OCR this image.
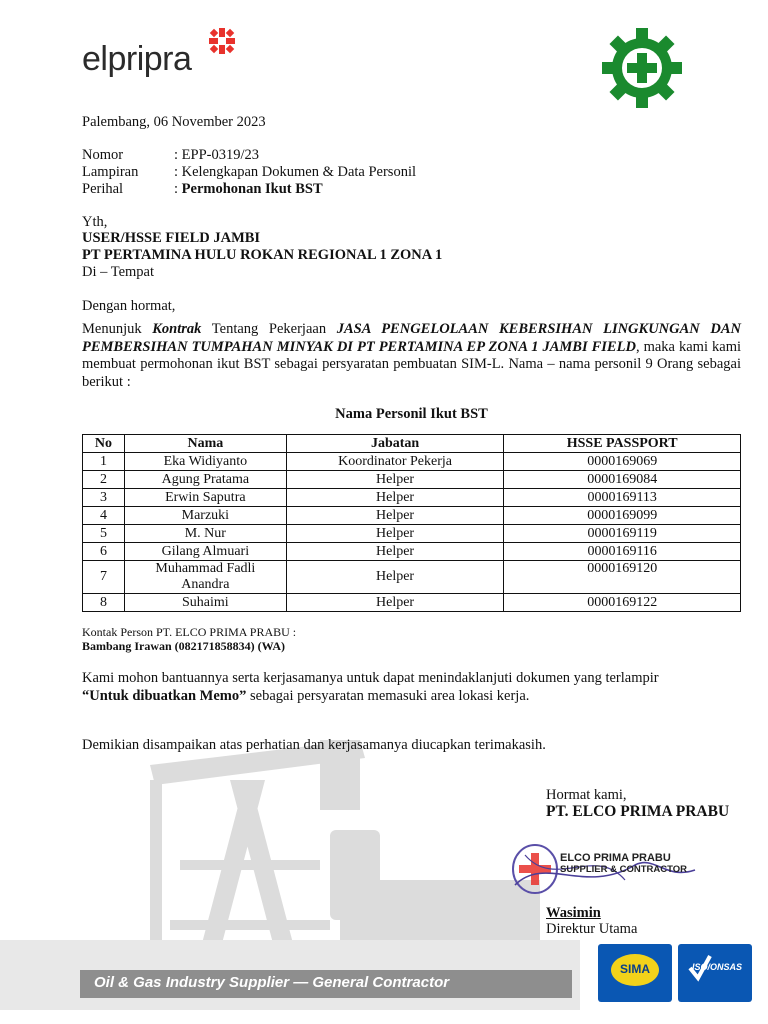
Oil & Gas Industry Supplier — General Contractor
elpripra
Palembang, 06 November 2023
Nomor	: EPP-0319/23
Lampiran : Kelengkapan Dokumen & Data Personil
Perihal	: Permohonan Ikut BST
Yth,
USER/HSSE FIELD JAMBI
PT PERTAMINA HULU ROKAN REGIONAL 1 ZONA 1
Di – Tempat
Dengan hormat,
Menunjuk Kontrak Tentang Pekerjaan JASA PENGELOLAAN KEBERSIHAN LINGKUNGAN DAN PEMBERSIHAN TUMPAHAN MINYAK DI PT PERTAMINA EP ZONA 1 JAMBI FIELD, maka kami kami membuat permohonan ikut BST sebagai persyaratan pembuatan SIM-L. Nama – nama personil 9 Orang sebagai berikut :
Nama Personil Ikut BST
No	Nama	Jabatan	HSSE PASSPORT
1	Eka Widiyanto	Koordinator Pekerja	0000169069
2	Agung Pratama	Helper	0000169084
3	Erwin Saputra	Helper	0000169113
4	Marzuki	Helper	0000169099
5	M. Nur	Helper	0000169119
6	Gilang Almuari	Helper	0000169116
7	Muhammad Fadli
Anandra	Helper	0000169120
8	Suhaimi	Helper	0000169122
Kontak Person PT. ELCO PRIMA PRABU :
Bambang Irawan (082171858834) (WA)
Kami mohon bantuannya serta kerjasamanya untuk dapat menindaklanjuti dokumen yang terlampir
“Untuk dibuatkan Memo” sebagai persyaratan memasuki area lokasi kerja.
Demikian disampaikan atas perhatian dan kerjasamanya diucapkan terimakasih.
Hormat kami,
PT. ELCO PRIMA PRABU
ELCO PRIMA PRABU
SUPPLIER & CONTRACTOR
Wasimin
Direktur Utama
SIMA	ISO/ONSAS
